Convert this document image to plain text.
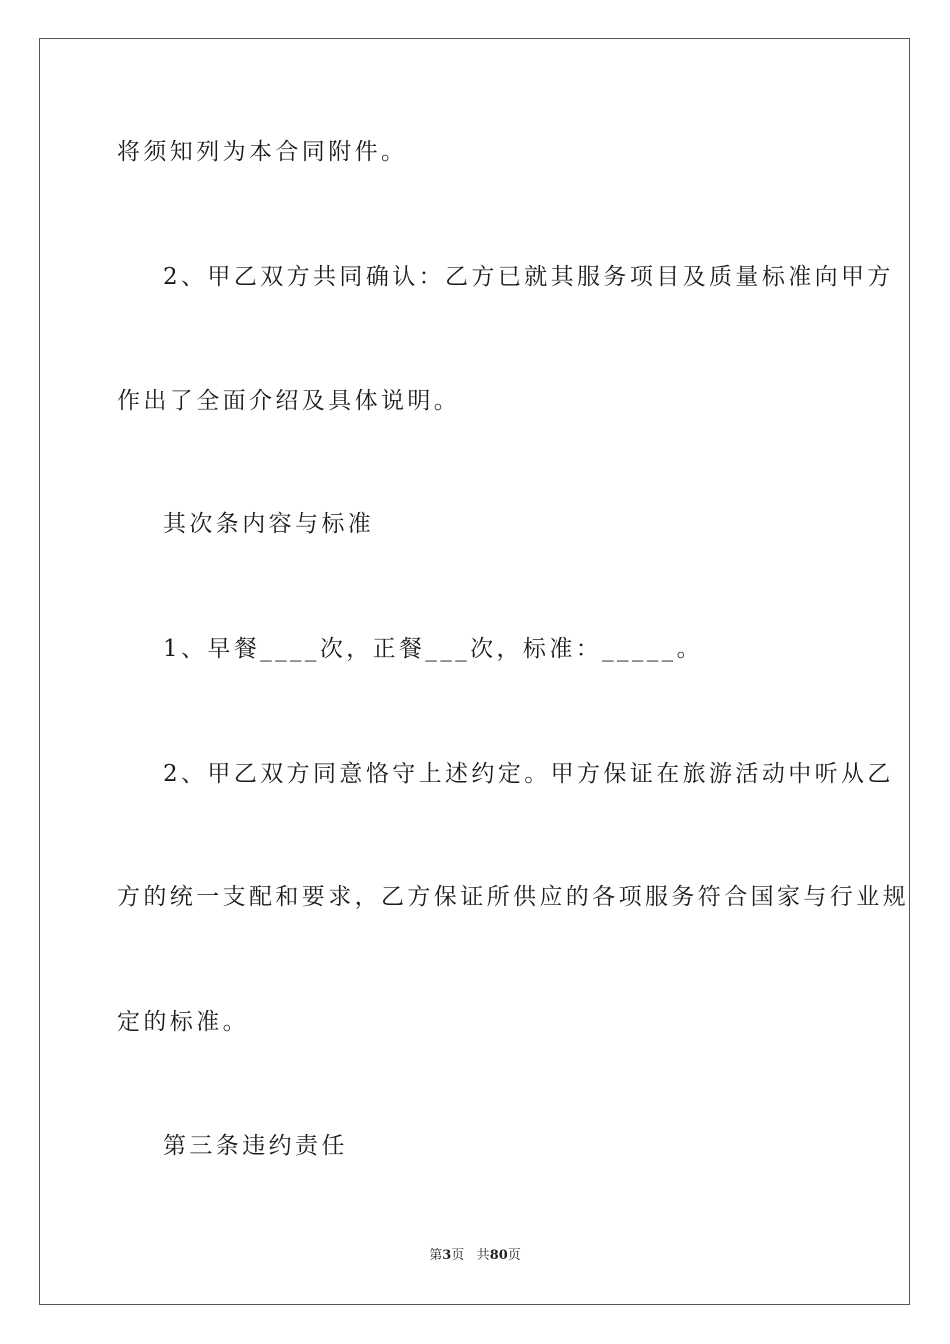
将须知列为本合同附件。
2、甲乙双方共同确认：乙方已就其服务项目及质量标准向甲方
作出了全面介绍及具体说明。
其次条内容与标准
1、早餐____次，正餐___次，标准：_____。
2、甲乙双方同意恪守上述约定。甲方保证在旅游活动中听从乙
方的统一支配和要求，乙方保证所供应的各项服务符合国家与行业规
定的标准。
第三条违约责任
第3页 共80页
